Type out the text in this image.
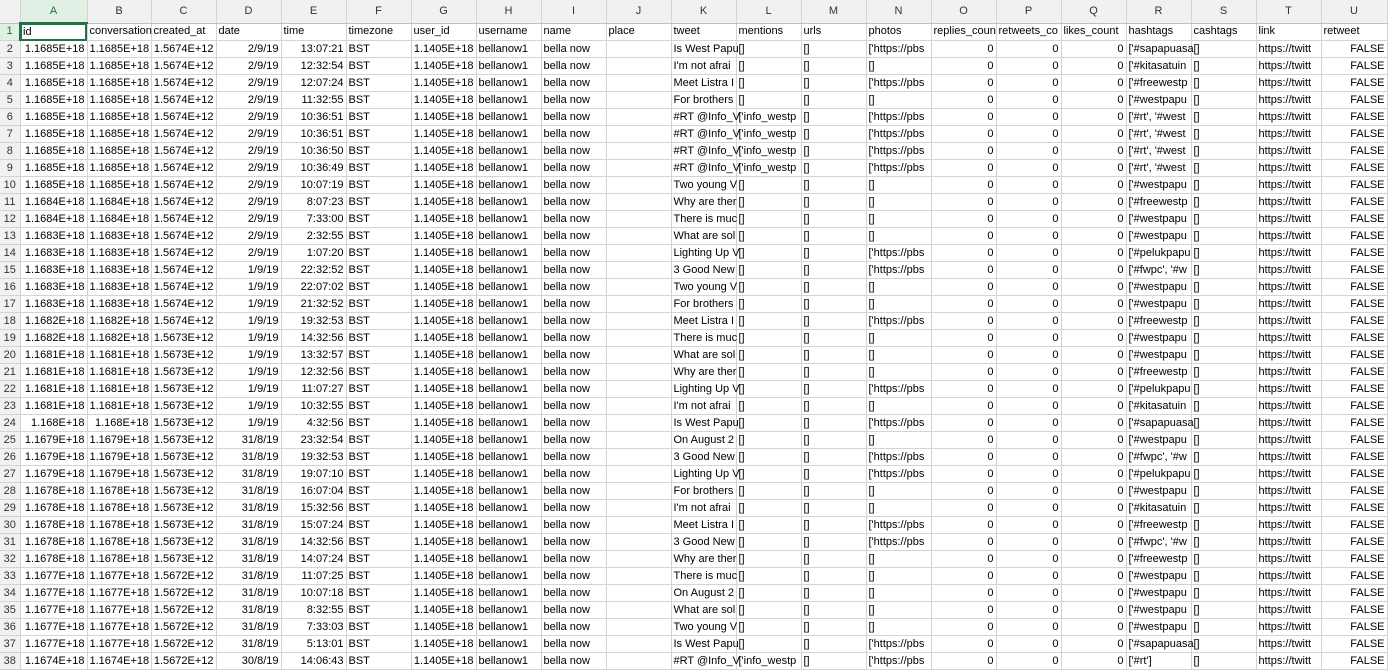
	A	B	C	D	E	F	G	H	I	J	K	L	M	N	O	P	Q	R	S	T	U
1	id	conversation	created_at	date	time	timezone	user_id	username	name	place	tweet	mentions	urls	photos	replies_coun	retweets_co	likes_count	hashtags	cashtags	link	retweet
2	1.1685E+18	1.1685E+18	1.5674E+12	2/9/19	13:07:21	BST	1.1405E+18	bellanow1	bella now		Is West Papu	[]	[]	['https://pbs	0	0	0	['#sapapuasa	[]	https://twitt	FALSE
3	1.1685E+18	1.1685E+18	1.5674E+12	2/9/19	12:32:54	BST	1.1405E+18	bellanow1	bella now		I'm not afrai	[]	[]	[]	0	0	0	['#kitasatuin	[]	https://twitt	FALSE
4	1.1685E+18	1.1685E+18	1.5674E+12	2/9/19	12:07:24	BST	1.1405E+18	bellanow1	bella now		Meet Listra I	[]	[]	['https://pbs	0	0	0	['#freewestp	[]	https://twitt	FALSE
5	1.1685E+18	1.1685E+18	1.5674E+12	2/9/19	11:32:55	BST	1.1405E+18	bellanow1	bella now		For brothers	[]	[]	[]	0	0	0	['#westpapu	[]	https://twitt	FALSE
6	1.1685E+18	1.1685E+18	1.5674E+12	2/9/19	10:36:51	BST	1.1405E+18	bellanow1	bella now		#RT @Info_V	['info_westp	[]	['https://pbs	0	0	0	['#rt', '#west	[]	https://twitt	FALSE
7	1.1685E+18	1.1685E+18	1.5674E+12	2/9/19	10:36:51	BST	1.1405E+18	bellanow1	bella now		#RT @Info_V	['info_westp	[]	['https://pbs	0	0	0	['#rt', '#west	[]	https://twitt	FALSE
8	1.1685E+18	1.1685E+18	1.5674E+12	2/9/19	10:36:50	BST	1.1405E+18	bellanow1	bella now		#RT @Info_V	['info_westp	[]	['https://pbs	0	0	0	['#rt', '#west	[]	https://twitt	FALSE
9	1.1685E+18	1.1685E+18	1.5674E+12	2/9/19	10:36:49	BST	1.1405E+18	bellanow1	bella now		#RT @Info_V	['info_westp	[]	['https://pbs	0	0	0	['#rt', '#west	[]	https://twitt	FALSE
10	1.1685E+18	1.1685E+18	1.5674E+12	2/9/19	10:07:19	BST	1.1405E+18	bellanow1	bella now		Two young V	[]	[]	[]	0	0	0	['#westpapu	[]	https://twitt	FALSE
11	1.1684E+18	1.1684E+18	1.5674E+12	2/9/19	8:07:23	BST	1.1405E+18	bellanow1	bella now		Why are ther	[]	[]	[]	0	0	0	['#freewestp	[]	https://twitt	FALSE
12	1.1684E+18	1.1684E+18	1.5674E+12	2/9/19	7:33:00	BST	1.1405E+18	bellanow1	bella now		There is muc	[]	[]	[]	0	0	0	['#westpapu	[]	https://twitt	FALSE
13	1.1683E+18	1.1683E+18	1.5674E+12	2/9/19	2:32:55	BST	1.1405E+18	bellanow1	bella now		What are sol	[]	[]	[]	0	0	0	['#westpapu	[]	https://twitt	FALSE
14	1.1683E+18	1.1683E+18	1.5674E+12	2/9/19	1:07:20	BST	1.1405E+18	bellanow1	bella now		Lighting Up V	[]	[]	['https://pbs	0	0	0	['#pelukpapu	[]	https://twitt	FALSE
15	1.1683E+18	1.1683E+18	1.5674E+12	1/9/19	22:32:52	BST	1.1405E+18	bellanow1	bella now		3 Good New	[]	[]	['https://pbs	0	0	0	['#fwpc', '#w	[]	https://twitt	FALSE
16	1.1683E+18	1.1683E+18	1.5674E+12	1/9/19	22:07:02	BST	1.1405E+18	bellanow1	bella now		Two young V	[]	[]	[]	0	0	0	['#westpapu	[]	https://twitt	FALSE
17	1.1683E+18	1.1683E+18	1.5674E+12	1/9/19	21:32:52	BST	1.1405E+18	bellanow1	bella now		For brothers	[]	[]	[]	0	0	0	['#westpapu	[]	https://twitt	FALSE
18	1.1682E+18	1.1682E+18	1.5674E+12	1/9/19	19:32:53	BST	1.1405E+18	bellanow1	bella now		Meet Listra I	[]	[]	['https://pbs	0	0	0	['#freewestp	[]	https://twitt	FALSE
19	1.1682E+18	1.1682E+18	1.5673E+12	1/9/19	14:32:56	BST	1.1405E+18	bellanow1	bella now		There is muc	[]	[]	[]	0	0	0	['#westpapu	[]	https://twitt	FALSE
20	1.1681E+18	1.1681E+18	1.5673E+12	1/9/19	13:32:57	BST	1.1405E+18	bellanow1	bella now		What are sol	[]	[]	[]	0	0	0	['#westpapu	[]	https://twitt	FALSE
21	1.1681E+18	1.1681E+18	1.5673E+12	1/9/19	12:32:56	BST	1.1405E+18	bellanow1	bella now		Why are ther	[]	[]	[]	0	0	0	['#freewestp	[]	https://twitt	FALSE
22	1.1681E+18	1.1681E+18	1.5673E+12	1/9/19	11:07:27	BST	1.1405E+18	bellanow1	bella now		Lighting Up V	[]	[]	['https://pbs	0	0	0	['#pelukpapu	[]	https://twitt	FALSE
23	1.1681E+18	1.1681E+18	1.5673E+12	1/9/19	10:32:55	BST	1.1405E+18	bellanow1	bella now		I'm not afrai	[]	[]	[]	0	0	0	['#kitasatuin	[]	https://twitt	FALSE
24	1.168E+18	1.168E+18	1.5673E+12	1/9/19	4:32:56	BST	1.1405E+18	bellanow1	bella now		Is West Papu	[]	[]	['https://pbs	0	0	0	['#sapapuasa	[]	https://twitt	FALSE
25	1.1679E+18	1.1679E+18	1.5673E+12	31/8/19	23:32:54	BST	1.1405E+18	bellanow1	bella now		On August 2	[]	[]	[]	0	0	0	['#westpapu	[]	https://twitt	FALSE
26	1.1679E+18	1.1679E+18	1.5673E+12	31/8/19	19:32:53	BST	1.1405E+18	bellanow1	bella now		3 Good New	[]	[]	['https://pbs	0	0	0	['#fwpc', '#w	[]	https://twitt	FALSE
27	1.1679E+18	1.1679E+18	1.5673E+12	31/8/19	19:07:10	BST	1.1405E+18	bellanow1	bella now		Lighting Up V	[]	[]	['https://pbs	0	0	0	['#pelukpapu	[]	https://twitt	FALSE
28	1.1678E+18	1.1678E+18	1.5673E+12	31/8/19	16:07:04	BST	1.1405E+18	bellanow1	bella now		For brothers	[]	[]	[]	0	0	0	['#westpapu	[]	https://twitt	FALSE
29	1.1678E+18	1.1678E+18	1.5673E+12	31/8/19	15:32:56	BST	1.1405E+18	bellanow1	bella now		I'm not afrai	[]	[]	[]	0	0	0	['#kitasatuin	[]	https://twitt	FALSE
30	1.1678E+18	1.1678E+18	1.5673E+12	31/8/19	15:07:24	BST	1.1405E+18	bellanow1	bella now		Meet Listra I	[]	[]	['https://pbs	0	0	0	['#freewestp	[]	https://twitt	FALSE
31	1.1678E+18	1.1678E+18	1.5673E+12	31/8/19	14:32:56	BST	1.1405E+18	bellanow1	bella now		3 Good New	[]	[]	['https://pbs	0	0	0	['#fwpc', '#w	[]	https://twitt	FALSE
32	1.1678E+18	1.1678E+18	1.5673E+12	31/8/19	14:07:24	BST	1.1405E+18	bellanow1	bella now		Why are ther	[]	[]	[]	0	0	0	['#freewestp	[]	https://twitt	FALSE
33	1.1677E+18	1.1677E+18	1.5672E+12	31/8/19	11:07:25	BST	1.1405E+18	bellanow1	bella now		There is muc	[]	[]	[]	0	0	0	['#westpapu	[]	https://twitt	FALSE
34	1.1677E+18	1.1677E+18	1.5672E+12	31/8/19	10:07:18	BST	1.1405E+18	bellanow1	bella now		On August 2	[]	[]	[]	0	0	0	['#westpapu	[]	https://twitt	FALSE
35	1.1677E+18	1.1677E+18	1.5672E+12	31/8/19	8:32:55	BST	1.1405E+18	bellanow1	bella now		What are sol	[]	[]	[]	0	0	0	['#westpapu	[]	https://twitt	FALSE
36	1.1677E+18	1.1677E+18	1.5672E+12	31/8/19	7:33:03	BST	1.1405E+18	bellanow1	bella now		Two young V	[]	[]	[]	0	0	0	['#westpapu	[]	https://twitt	FALSE
37	1.1677E+18	1.1677E+18	1.5672E+12	31/8/19	5:13:01	BST	1.1405E+18	bellanow1	bella now		Is West Papu	[]	[]	['https://pbs	0	0	0	['#sapapuasa	[]	https://twitt	FALSE
38	1.1674E+18	1.1674E+18	1.5672E+12	30/8/19	14:06:43	BST	1.1405E+18	bellanow1	bella now		#RT @Info_V	['info_westp	[]	['https://pbs	0	0	0	['#rt']	[]	https://twitt	FALSE
